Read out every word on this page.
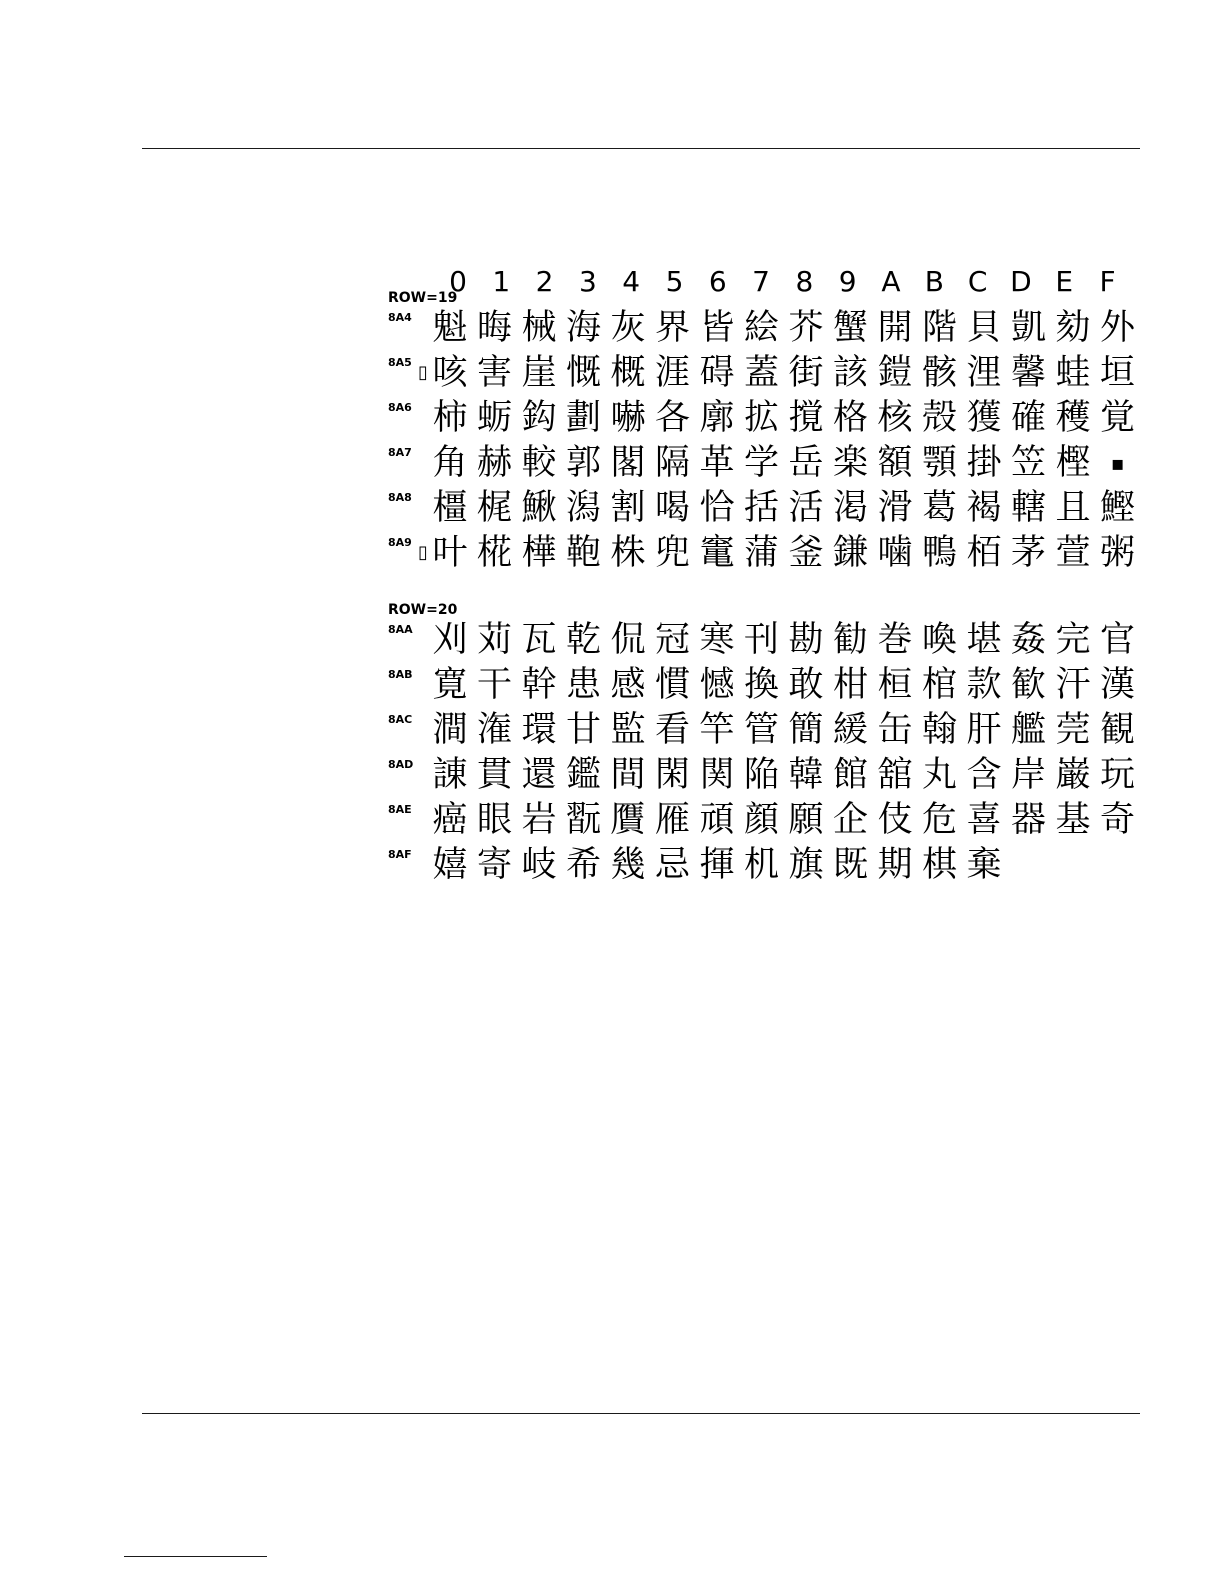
0 1 2 3 4 5 6 7 8 9 A B C D E F
ROW=19
8A4 魁 晦 械 海 灰 界 皆 絵 芥 蟹 開 階 貝 凱 劾 外
8A5 ▯ 咳 害 崖 慨 概 涯 碍 蓋 街 該 鎧 骸 浬 馨 蛙 垣
8A6 柿 蛎 鈎 劃 嚇 各 廓 拡 撹 格 核 殻 獲 確 穫 覚
8A7 角 赫 較 郭 閣 隔 革 学 岳 楽 額 顎 掛 笠 樫	▪
8A8 橿 梶 鰍 潟 割 喝 恰 括 活 渇 滑 葛 褐 轄 且 鰹
8A9 ▯ 叶 椛 樺 鞄 株 兜 竃 蒲 釜 鎌 噛 鴨 栢 茅 萱 粥
ROW=20
8AA 刈 苅 瓦 乾 侃 冠 寒 刊 勘 勧 巻 喚 堪 姦 完 官
8AB 寛 干 幹 患 感 慣 憾 換 敢 柑 桓 棺 款 歓 汗 漢
8AC 澗 潅 環 甘 監 看 竿 管 簡 緩 缶 翰 肝 艦 莞 観
8AD 諌 貫 還 鑑 間 閑 関 陥 韓 館 舘 丸 含 岸 巌 玩
8AE 癌 眼 岩 翫 贋 雁 頑 顔 願 企 伎 危 喜 器 基 奇
8AF 嬉 寄 岐 希 幾 忌 揮 机 旗 既 期 棋 棄
